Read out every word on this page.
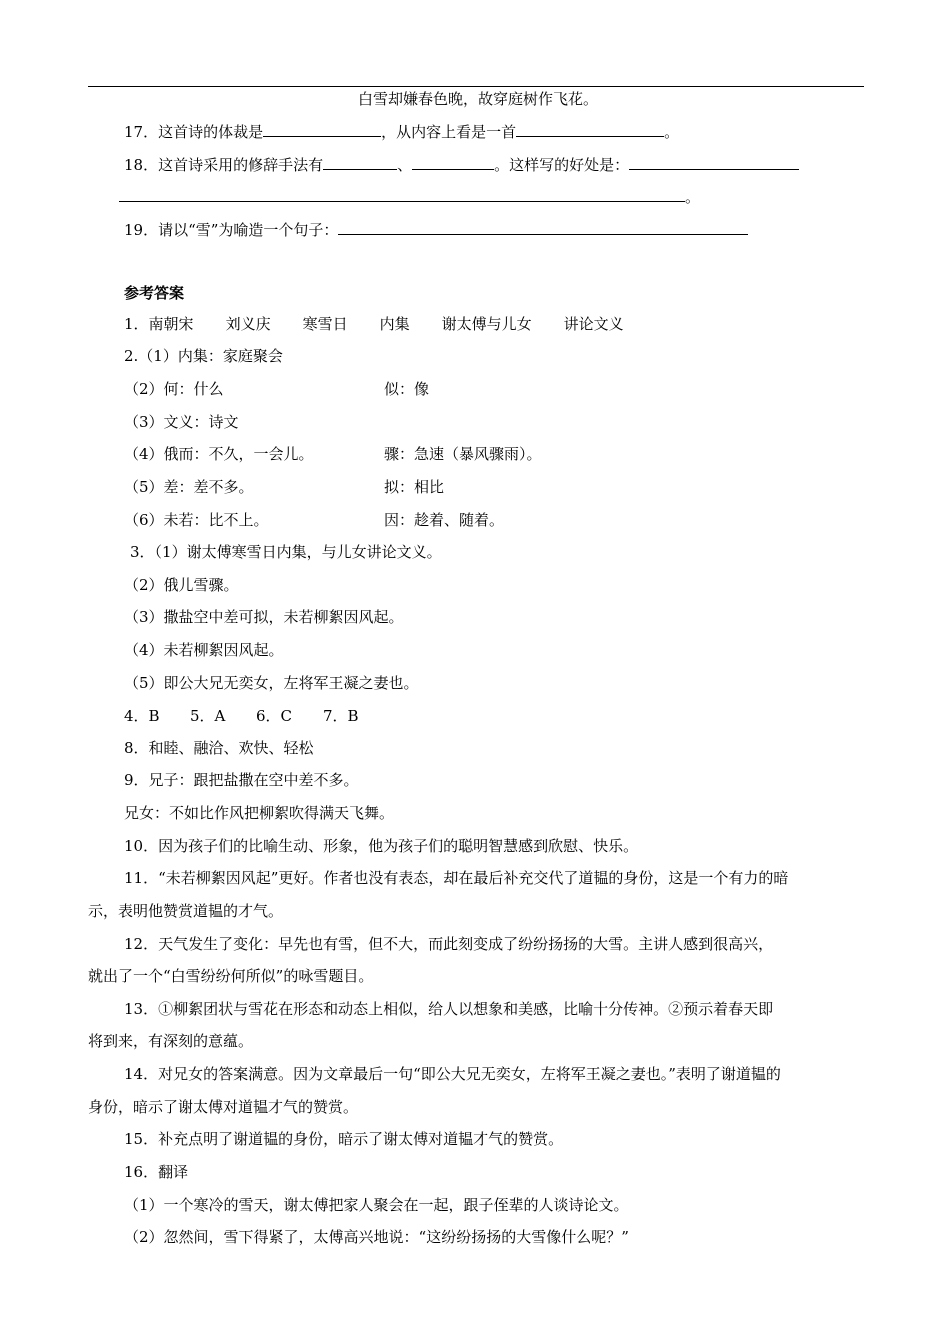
白雪却嫌春色晚，故穿庭树作飞花。
17．这首诗的体裁是	，从内容上看是一首	。
18．这首诗采用的修辞手法有	、	。这样写的好处是：
。
19．请以“雪”为喻造一个句子：
参考答案
1．南朝宋 刘义庆 寒雪日 内集 谢太傅与儿女 讲论文义
2.（1）内集：家庭聚会
（2）何：什么	似：像
（3）文义：诗文
（4）俄而：不久，一会儿。	骤：急速（暴风骤雨）。
（5）差：差不多。	拟：相比
（6）未若：比不上。	因：趁着、随着。
3．（1）谢太傅寒雪日内集，与儿女讲论文义。
（2）俄儿雪骤。
（3）撒盐空中差可拟，未若柳絮因风起。
（4）未若柳絮因风起。
（5）即公大兄无奕女，左将军王凝之妻也。
4．B 5．A 6．C 7．B
8．和睦、融洽、欢快、轻松
9．兄子：跟把盐撒在空中差不多。
兄女：不如比作风把柳絮吹得满天飞舞。
10．因为孩子们的比喻生动、形象，他为孩子们的聪明智慧感到欣慰、快乐。
11．“未若柳絮因风起”更好。作者也没有表态，却在最后补充交代了道韫的身份，这是一个有力的暗
示，表明他赞赏道韫的才气。
12．天气发生了变化：早先也有雪，但不大，而此刻变成了纷纷扬扬的大雪。主讲人感到很高兴，
就出了一个“白雪纷纷何所似”的咏雪题目。
13．①柳絮团状与雪花在形态和动态上相似，给人以想象和美感，比喻十分传神。②预示着春天即
将到来，有深刻的意蕴。
14．对兄女的答案满意。因为文章最后一句“即公大兄无奕女，左将军王凝之妻也。”表明了谢道韫的
身份，暗示了谢太傅对道韫才气的赞赏。
15．补充点明了谢道韫的身份，暗示了谢太傅对道韫才气的赞赏。
16．翻译
（1）一个寒冷的雪天，谢太傅把家人聚会在一起，跟子侄辈的人谈诗论文。
（2）忽然间，雪下得紧了，太傅高兴地说：“这纷纷扬扬的大雪像什么呢？”
